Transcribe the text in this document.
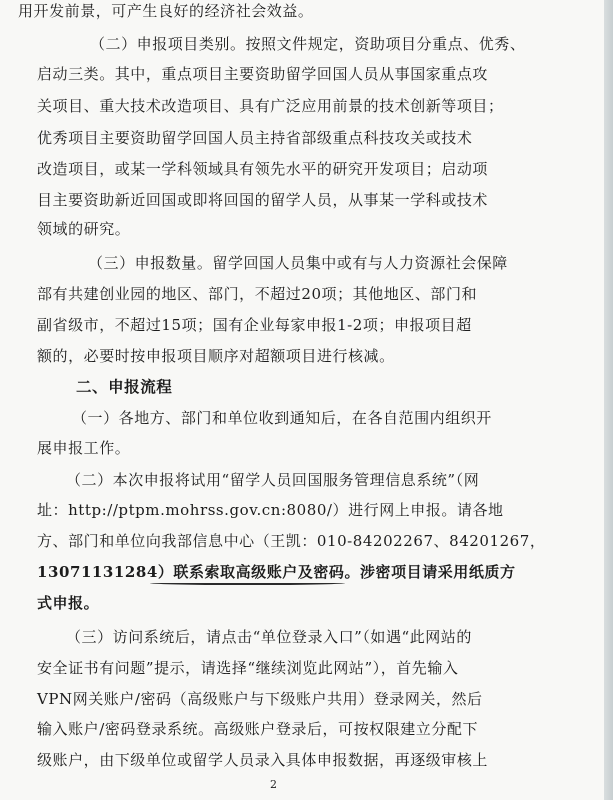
用开发前景，可产生良好的经济社会效益。
（二）申报项目类别。按照文件规定，资助项目分重点、优秀、
启动三类。其中，重点项目主要资助留学回国人员从事国家重点攻
关项目、重大技术改造项目、具有广泛应用前景的技术创新等项目；
优秀项目主要资助留学回国人员主持省部级重点科技攻关或技术
改造项目，或某一学科领域具有领先水平的研究开发项目；启动项
目主要资助新近回国或即将回国的留学人员，从事某一学科或技术
领域的研究。
（三）申报数量。留学回国人员集中或有与人力资源社会保障
部有共建创业园的地区、部门，不超过20项；其他地区、部门和
副省级市，不超过15项；国有企业每家申报1-2项；申报项目超
额的，必要时按申报项目顺序对超额项目进行核减。
二、申报流程
（一）各地方、部门和单位收到通知后，在各自范围内组织开
展申报工作。
（二）本次申报将试用“留学人员回国服务管理信息系统”（网
址：http://ptpm.mohrss.gov.cn:8080/）进行网上申报。请各地
方、部门和单位向我部信息中心（王凯：010-84202267、84201267，
13071131284）联系索取高级账户及密码。涉密项目请采用纸质方
式申报。
（三）访问系统后，请点击“单位登录入口”（如遇“此网站的
安全证书有问题”提示，请选择“继续浏览此网站”），首先输入
VPN网关账户/密码（高级账户与下级账户共用）登录网关，然后
输入账户/密码登录系统。高级账户登录后，可按权限建立分配下
级账户，由下级单位或留学人员录入具体申报数据，再逐级审核上
2
